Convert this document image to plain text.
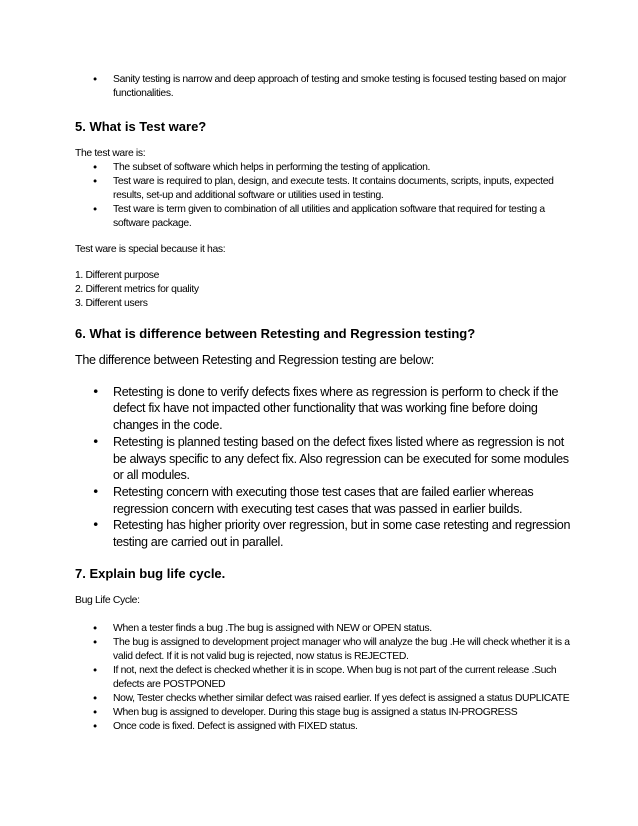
• Sanity testing is narrow and deep approach of testing and smoke testing is focused testing based on major functionalities.
5. What is Test ware?

The test ware is:

• The subset of software which helps in performing the testing of application.
• Test ware is required to plan, design, and execute tests. It contains documents, scripts, inputs, expected results, set-up and additional software or utilities used in testing.
• Test ware is term given to combination of all utilities and application software that required for testing a software package.

Test ware is special because it has:

1. Different purpose
2. Different metrics for quality
3. Different users
6. What is difference between Retesting and Regression testing?

The difference between Retesting and Regression testing are below:

• Retesting is done to verify defects fixes where as regression is perform to check if the defect fix have not impacted other functionality that was working fine before doing changes in the code.
• Retesting is planned testing based on the defect fixes listed where as regression is not be always specific to any defect fix. Also regression can be executed for some modules or all modules.
• Retesting concern with executing those test cases that are failed earlier whereas regression concern with executing test cases that was passed in earlier builds.
• Retesting has higher priority over regression, but in some case retesting and regression testing are carried out in parallel.
7. Explain bug life cycle.

Bug Life Cycle:

• When a tester finds a bug .The bug is assigned with NEW or OPEN status.
• The bug is assigned to development project manager who will analyze the bug .He will check whether it is a valid defect. If it is not valid bug is rejected, now status is REJECTED.
• If not, next the defect is checked whether it is in scope. When bug is not part of the current release .Such defects are POSTPONED
• Now, Tester checks whether similar defect was raised earlier. If yes defect is assigned a status DUPLICATE
• When bug is assigned to developer. During this stage bug is assigned a status IN-PROGRESS
• Once code is fixed. Defect is assigned with FIXED status.
